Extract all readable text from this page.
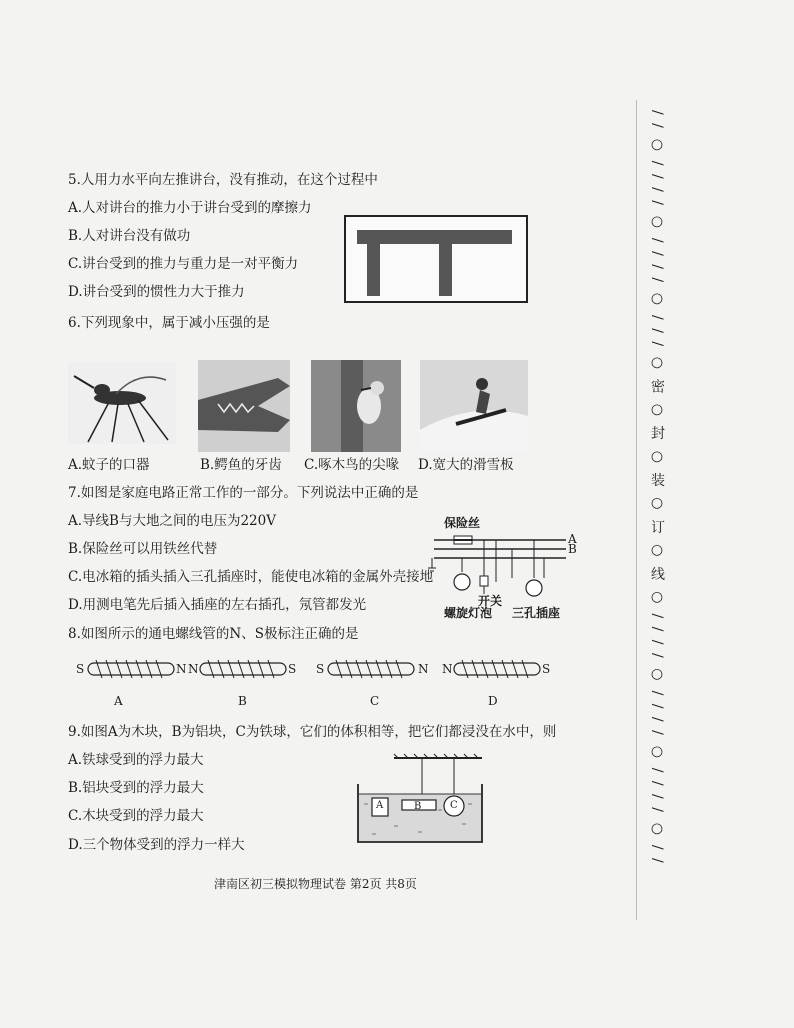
5.人用力水平向左推讲台，没有推动，在这个过程中
A.人对讲台的推力小于讲台受到的摩擦力
B.人对讲台没有做功
C.讲台受到的推力与重力是一对平衡力
D.讲台受到的惯性力大于推力
6.下列现象中，属于减小压强的是
A.蚊子的口器	B.鳄鱼的牙齿 C.啄木鸟的尖喙 D.宽大的滑雪板
7.如图是家庭电路正常工作的一部分。下列说法中正确的是
A.导线B与大地之间的电压为220V
B.保险丝可以用铁丝代替
C.电冰箱的插头插入三孔插座时，能使电冰箱的金属外壳接地
D.用测电笔先后插入插座的左右插孔，氖管都发光
保险丝
A
B
开关
螺旋灯泡 三孔插座
8.如图所示的通电螺线管的N、S极标注正确的是
S	N
A
N	S
B
S	N
C
N	S
D
9.如图A为木块，B为铝块，C为铁球，它们的体积相等，把它们都浸没在水中，则
A.铁球受到的浮力最大
B.铝块受到的浮力最大
C.木块受到的浮力最大
D.三个物体受到的浮力一样大
A	B	C	/ / ○ / / / / ○ / / / / ○ / / / ○ 密 ○ 封 ○ 装 ○ 订 ○ 线 ○ / / / / ○ / / / / ○ / / / / ○ / /
津南区初三模拟物理试卷 第2页 共8页
